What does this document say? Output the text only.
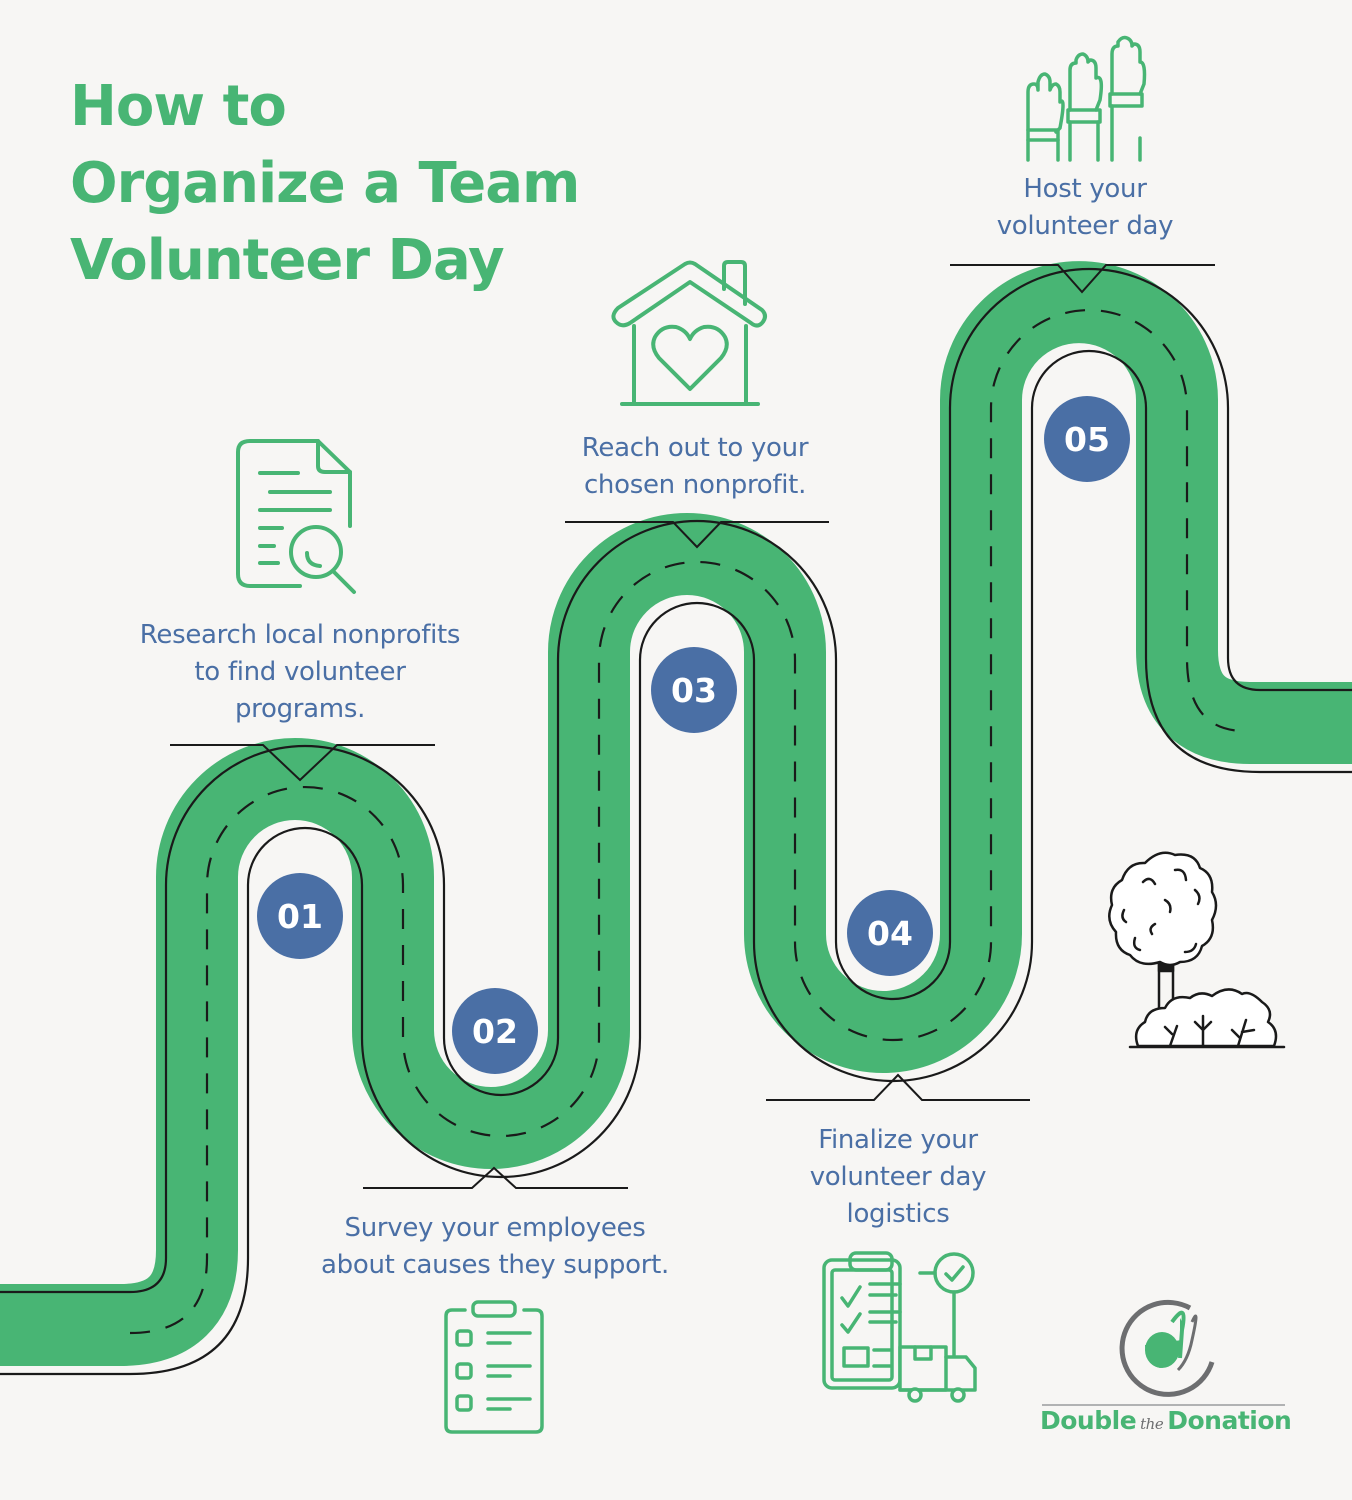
How to
Organize a Team
Volunteer Day
Research local nonprofits
to find volunteer
programs.
Survey your employees
about causes they support.
Reach out to your
chosen nonprofit.
Finalize your
volunteer day
logistics
Host your
volunteer day
01
02
03
04
05
Double the Donation
